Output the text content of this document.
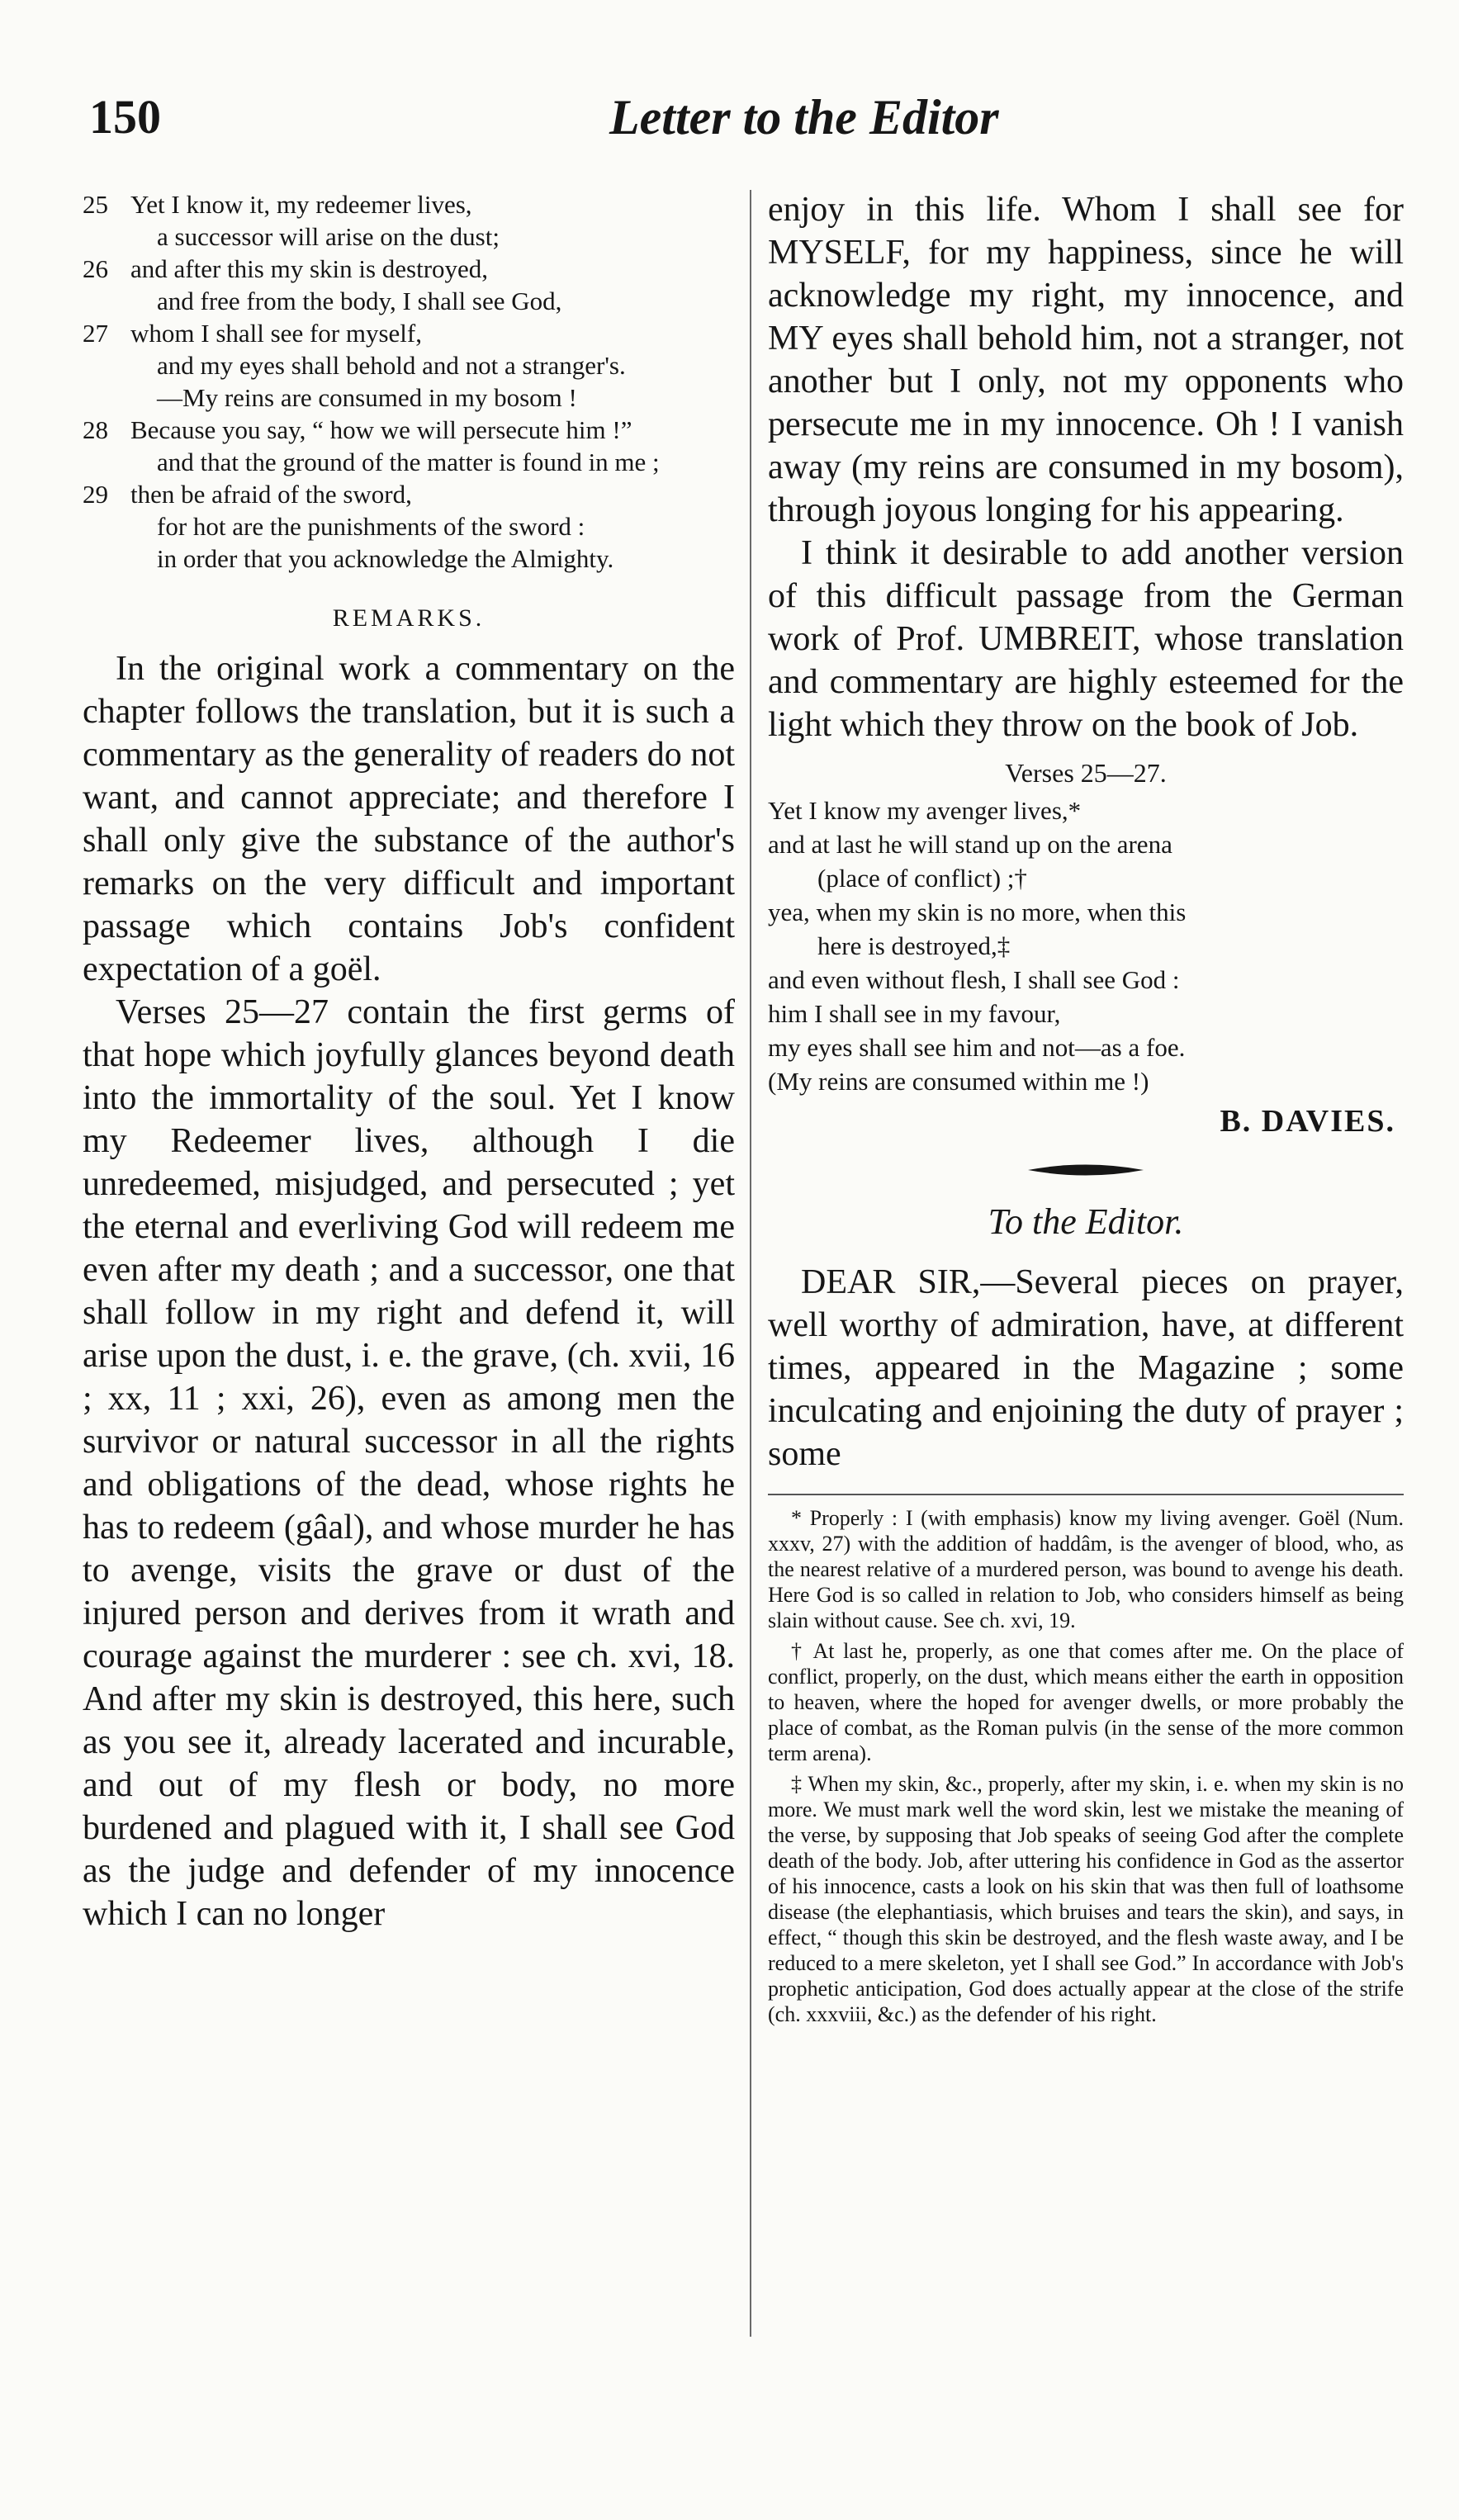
150	Letter to the Editor
25 Yet I know it, my redeemer lives,
a successor will arise on the dust;
26 and after this my skin is destroyed,
and free from the body, I shall see God,
27 whom I shall see for myself,
and my eyes shall behold and not a stranger's.
—My reins are consumed in my bosom !
28 Because you say, “ how we will persecute him !”
and that the ground of the matter is found in me ;
29 then be afraid of the sword,
for hot are the punishments of the sword :
in order that you acknowledge the Almighty.
REMARKS.

In the original work a commentary on the chapter follows the translation, but it is such a commentary as the generality of readers do not want, and cannot appreciate; and therefore I shall only give the substance of the author's remarks on the very difficult and important passage which contains Job's confident expectation of a goël.

Verses 25—27 contain the first germs of that hope which joyfully glances beyond death into the immortality of the soul. Yet I know my Redeemer lives, although I die unredeemed, misjudged, and persecuted ; yet the eternal and everliving God will redeem me even after my death ; and a successor, one that shall follow in my right and defend it, will arise upon the dust, i. e. the grave, (ch. xvii, 16 ; xx, 11 ; xxi, 26), even as among men the survivor or natural successor in all the rights and obligations of the dead, whose rights he has to redeem (gâal), and whose murder he has to avenge, visits the grave or dust of the injured person and derives from it wrath and courage against the murderer : see ch. xvi, 18. And after my skin is destroyed, this here, such as you see it, already lacerated and incurable, and out of my flesh or body, no more burdened and plagued with it, I shall see God as the judge and defender of my innocence which I can no longer

enjoy in this life. Whom I shall see for MYSELF, for my happiness, since he will acknowledge my right, my innocence, and MY eyes shall behold him, not a stranger, not another but I only, not my opponents who persecute me in my innocence. Oh ! I vanish away (my reins are consumed in my bosom), through joyous longing for his appearing.

I think it desirable to add another version of this difficult passage from the German work of Prof. UMBREIT, whose translation and commentary are highly esteemed for the light which they throw on the book of Job.

Verses 25—27.
Yet I know my avenger lives,*
and at last he will stand up on the arena
(place of conflict) ;†
yea, when my skin is no more, when this
here is destroyed,‡
and even without flesh, I shall see God :
him I shall see in my favour,
my eyes shall see him and not—as a foe.
(My reins are consumed within me !)
B. DAVIES.
To the Editor.

DEAR SIR,—Several pieces on prayer, well worthy of admiration, have, at different times, appeared in the Magazine ; some inculcating and enjoining the duty of prayer ; some

* Properly : I (with emphasis) know my living avenger. Goël (Num. xxxv, 27) with the addition of haddâm, is the avenger of blood, who, as the nearest relative of a murdered person, was bound to avenge his death. Here God is so called in relation to Job, who considers himself as being slain without cause. See ch. xvi, 19.

† At last he, properly, as one that comes after me. On the place of conflict, properly, on the dust, which means either the earth in opposition to heaven, where the hoped for avenger dwells, or more probably the place of combat, as the Roman pulvis (in the sense of the more common term arena).

‡ When my skin, &c., properly, after my skin, i. e. when my skin is no more. We must mark well the word skin, lest we mistake the meaning of the verse, by supposing that Job speaks of seeing God after the complete death of the body. Job, after uttering his confidence in God as the assertor of his innocence, casts a look on his skin that was then full of loathsome disease (the elephantiasis, which bruises and tears the skin), and says, in effect, “ though this skin be destroyed, and the flesh waste away, and I be reduced to a mere skeleton, yet I shall see God.” In accordance with Job's prophetic anticipation, God does actually appear at the close of the strife (ch. xxxviii, &c.) as the defender of his right.
